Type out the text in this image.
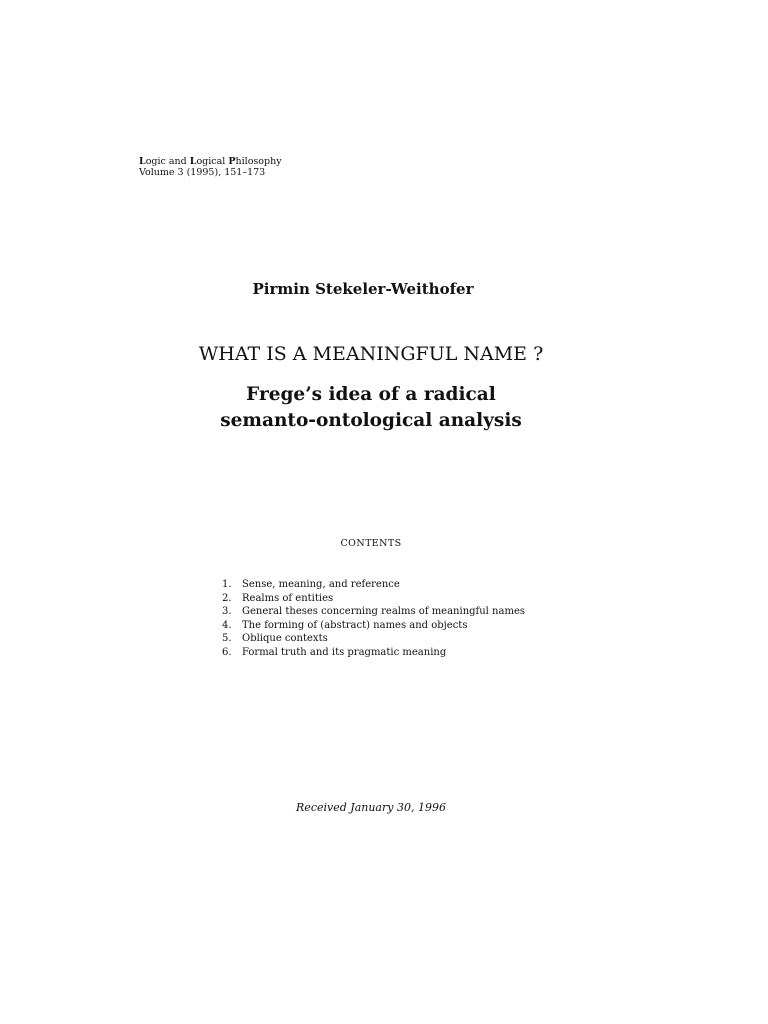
Logic and Logical Philosophy
Volume 3 (1995), 151–173
Pirmin Stekeler-Weithofer
WHAT IS A MEANINGFUL NAME ?
Frege’s idea of a radical
semanto-ontological analysis
CONTENTS
1. Sense, meaning, and reference
2. Realms of entities
3. General theses concerning realms of meaningful names
4. The forming of (abstract) names and objects
5. Oblique contexts
6. Formal truth and its pragmatic meaning
Received January 30, 1996
